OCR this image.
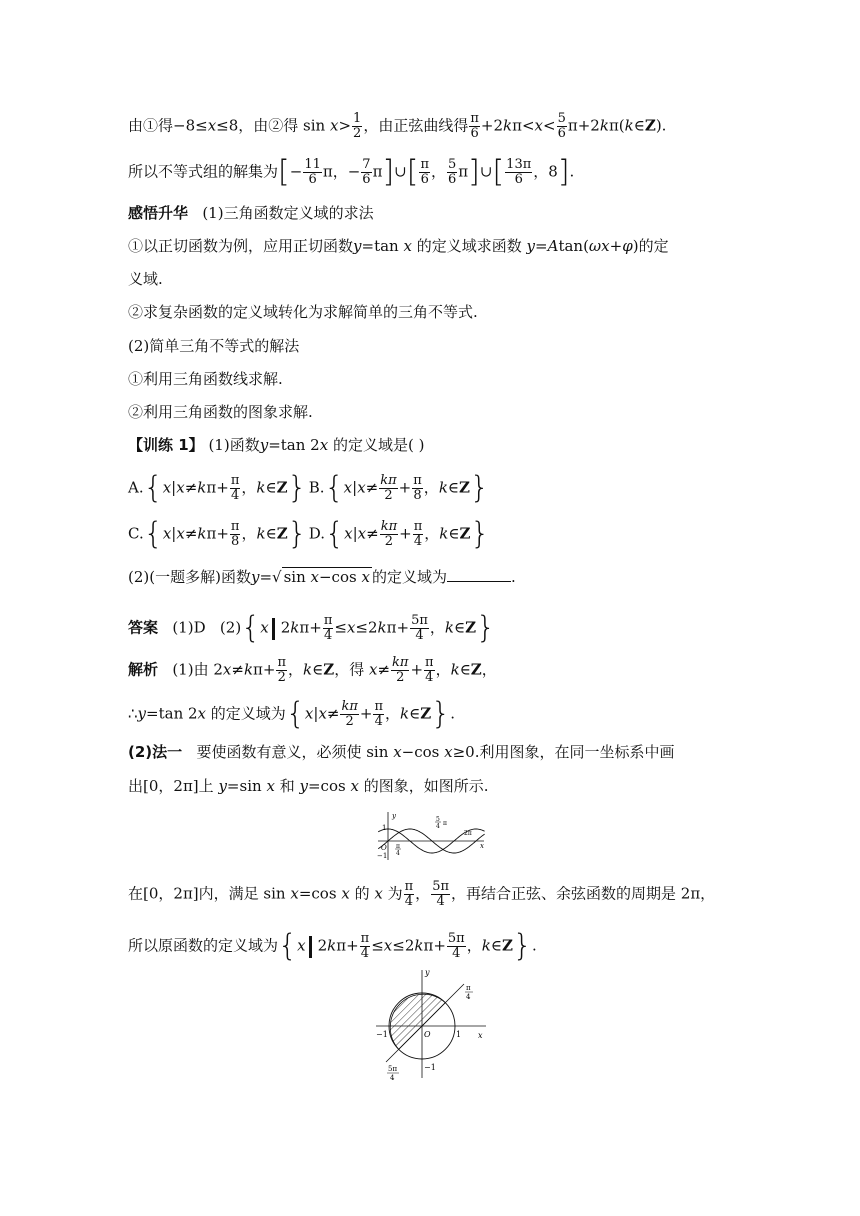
由①得−8≤x≤8，由②得 $\sin x> \frac{1}{2}$ ，由正弦曲线得 $\frac{\pi}{6} +2k\pi<x< \frac{5}{6}$ π+2kπ(k∈Z).
所以不等式组的解集为[− $\frac{11}{6}$ π，− $\frac{7}{6}$ π]∪[ $\frac{\pi}{6}$ ， $\frac{5}{6}$ π]∪[ $\frac{13\pi}{6}$ ，8].
感悟升华 (1)三角函数定义域的求法
①以正切函数为例，应用正切函数y=tan x 的定义域求函数 y=Atan(ωx+φ)的定
义域.
②求复杂函数的定义域转化为求解简单的三角不等式.
(2)简单三角不等式的解法
①利用三角函数线求解.
②利用三角函数的图象求解.
【训练 1】 (1)函数y=tan 2x 的定义域是( )
$A.\{x|x\ne k\pi+ \frac{\pi}{4}$ ，k∈Z} $B.\{x|x\ne \frac{k\pi}{2} + \frac{\pi}{8}$ ，k∈Z}
$C.\{x|x\ne k\pi+ \frac{\pi}{8}$ ，k∈Z} $D.\{x|x\ne \frac{k\pi}{2} + \frac{\pi}{4}$ ，k∈Z}
(2)(一题多解)函数y=√ sin x−cos x 的定义域为	.
答案 (1)D (2){x $2k\pi+ \frac{\pi}{4} \le x\le 2k\pi+ \frac{5\pi}{4}$ ，k∈Z}
解析 (1)由 $2x\ne k\pi+ \frac{\pi}{2}$ ，k∈Z，得 $x\ne \frac{k\pi}{2} + \frac{\pi}{4}$ ，k∈Z，
∴y=tan 2x 的定义域为{$x|x\ne \frac{k\pi}{2} + \frac{\pi}{4}$ ，k∈Z}.
(2)法一 要使函数有意义，必须使 sin x−cos x≥0.利用图象，在同一坐标系中画
出[0，2π]上 y=sin x 和 y=cos x 的图象，如图所示.
y
x
O
1
−1
π
4
5
4 π
2π
在[0，2π]内，满足 sin x=cos x 的 x 为 $\frac{\pi}{4}$ ， $\frac{5\pi}{4}$ ，再结合正弦、余弦函数的周期是 2π，
所以原函数的定义域为{x $2k\pi+ \frac{\pi}{4} \le x\le 2k\pi+ \frac{5\pi}{4}$ ，k∈Z}.
y
x
O	1
−1
−1
π
4
5π
4
